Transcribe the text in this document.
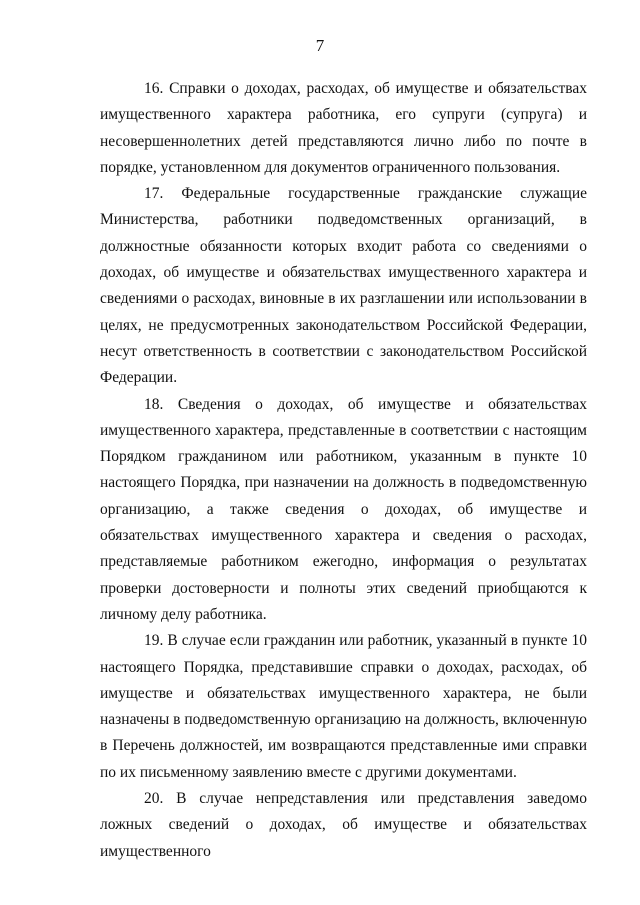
7

16. Справки о доходах, расходах, об имуществе и обязательствах имущественного характера работника, его супруги (супруга) и несовершеннолетних детей представляются лично либо по почте в порядке, установленном для документов ограниченного пользования.

17. Федеральные государственные гражданские служащие Министерства, работники подведомственных организаций, в должностные обязанности которых входит работа со сведениями о доходах, об имуществе и обязательствах имущественного характера и сведениями о расходах, виновные в их разглашении или использовании в целях, не предусмотренных законодательством Российской Федерации, несут ответственность в соответствии с законодательством Российской Федерации.

18. Сведения о доходах, об имуществе и обязательствах имущественного характера, представленные в соответствии с настоящим Порядком гражданином или работником, указанным в пункте 10 настоящего Порядка, при назначении на должность в подведомственную организацию, а также сведения о доходах, об имуществе и обязательствах имущественного характера и сведения о расходах, представляемые работником ежегодно, информация о результатах проверки достоверности и полноты этих сведений приобщаются к личному делу работника.

19. В случае если гражданин или работник, указанный в пункте 10 настоящего Порядка, представившие справки о доходах, расходах, об имуществе и обязательствах имущественного характера, не были назначены в подведомственную организацию на должность, включенную в Перечень должностей, им возвращаются представленные ими справки по их письменному заявлению вместе с другими документами.

20. В случае непредставления или представления заведомо ложных сведений о доходах, об имуществе и обязательствах имущественного
